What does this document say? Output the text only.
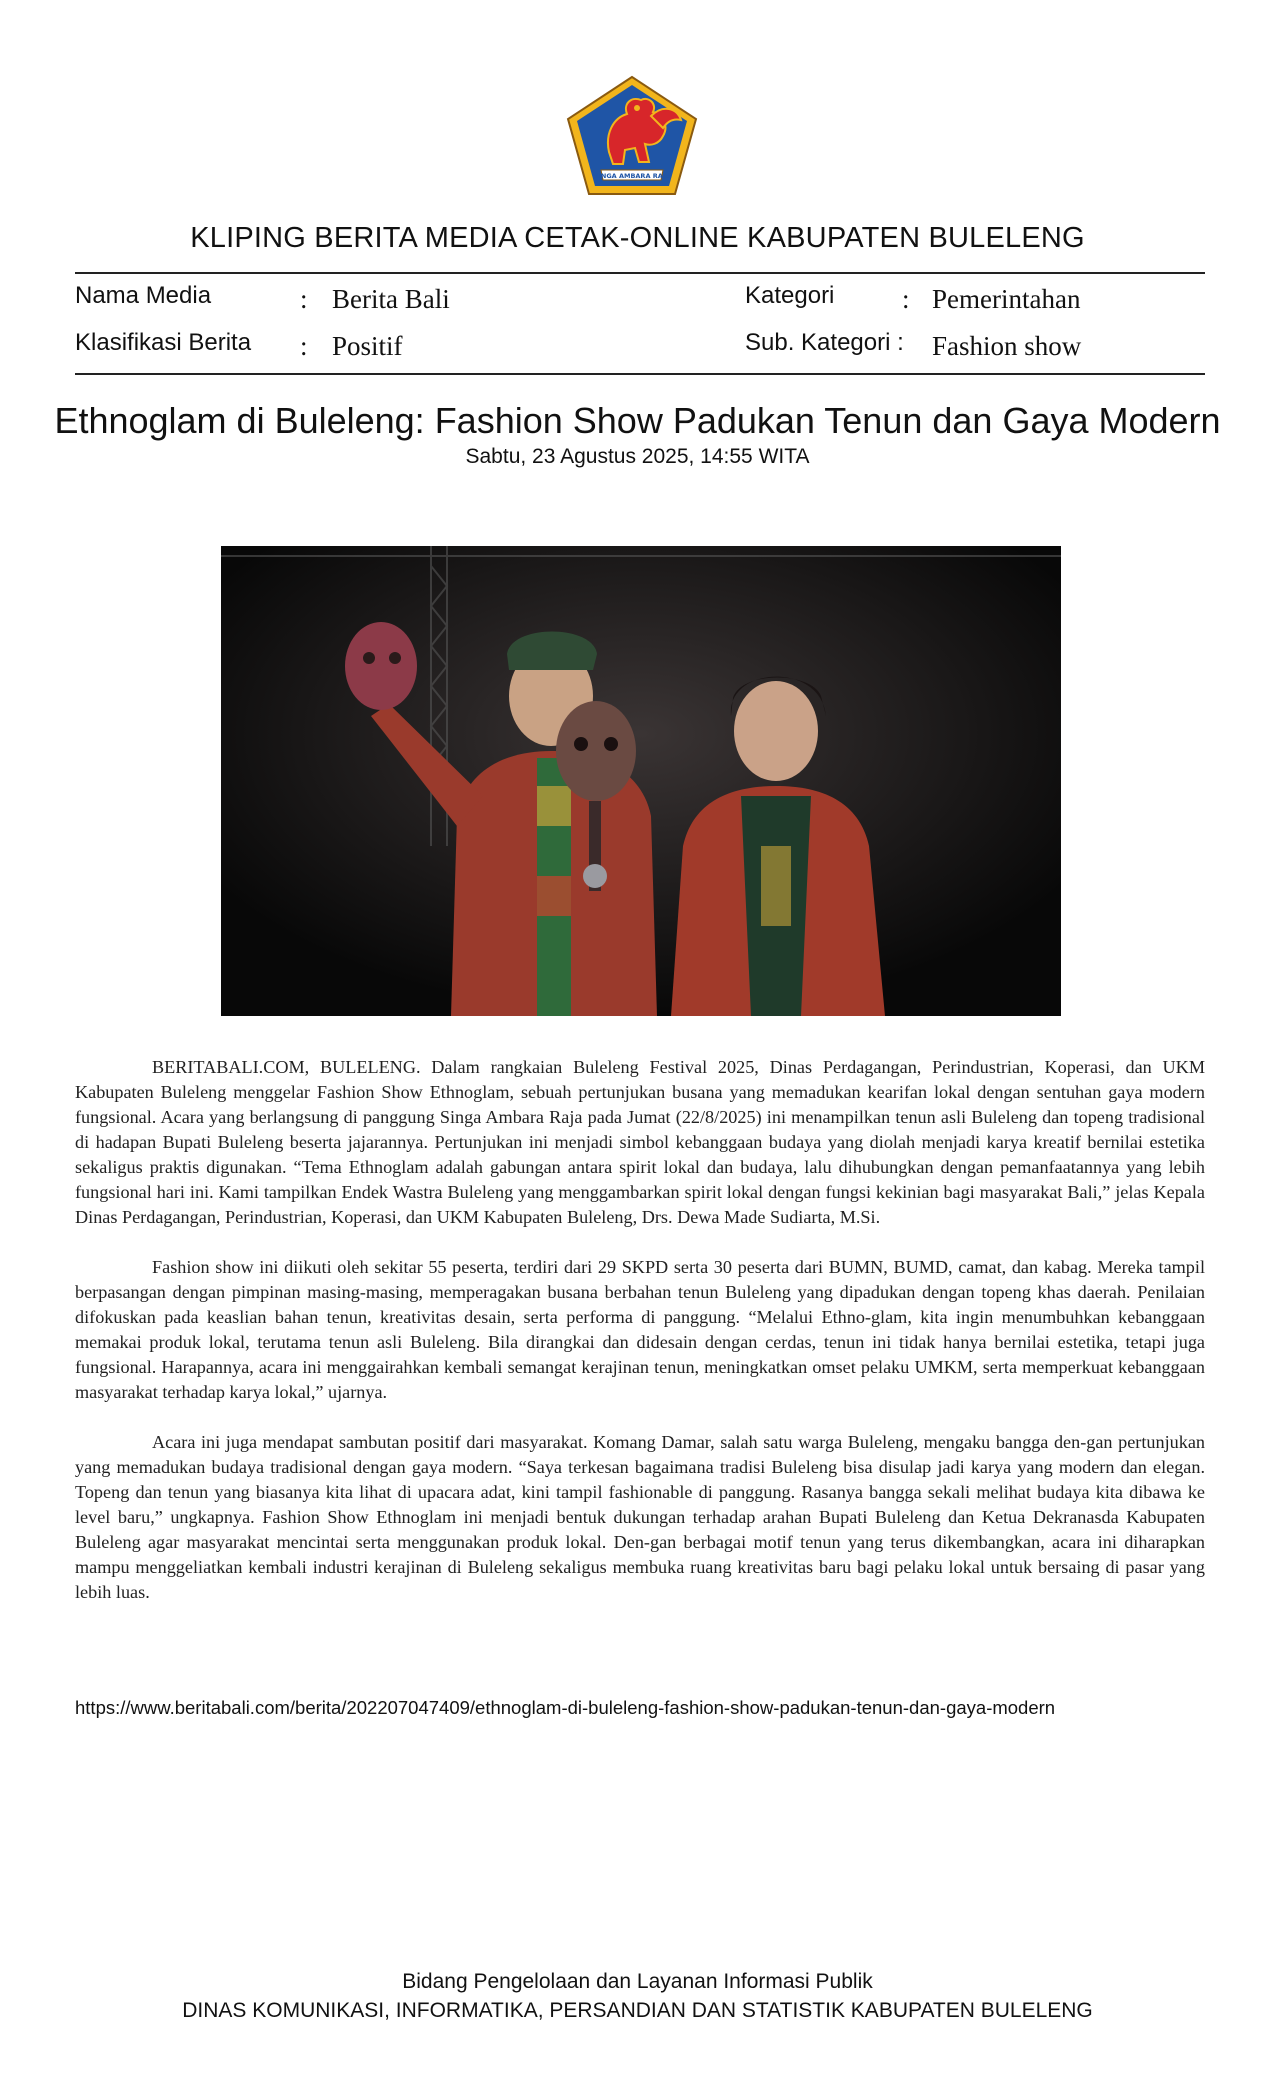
SINGA AMBARA RAJA
KLIPING BERITA MEDIA CETAK-ONLINE KABUPATEN BULELENG
Nama Media	: Berita Bali
Klasifikasi Berita : Positif
Kategori	: Pemerintahan
Sub. Kategori : Fashion show
Ethnoglam di Buleleng: Fashion Show Padukan Tenun dan Gaya Modern
Sabtu, 23 Agustus 2025, 14:55 WITA

BERITABALI.COM, BULELENG. Dalam rangkaian Buleleng Festival 2025, Dinas Perdagangan, Perindustrian, Koperasi, dan UKM Kabupaten Buleleng menggelar Fashion Show Ethnoglam, sebuah pertunjukan busana yang memadukan kearifan lokal dengan sentuhan gaya modern fungsional. Acara yang berlangsung di panggung Singa Ambara Raja pada Jumat (22/8/2025) ini menampilkan tenun asli Buleleng dan topeng tradisional di hadapan Bupati Buleleng beserta jajarannya. Pertunjukan ini menjadi simbol kebanggaan budaya yang diolah menjadi karya kreatif bernilai estetika sekaligus praktis digunakan. “Tema Ethnoglam adalah gabungan antara spirit lokal dan budaya, lalu dihubungkan dengan pemanfaatannya yang lebih fungsional hari ini. Kami tampilkan Endek Wastra Buleleng yang menggambarkan spirit lokal dengan fungsi kekinian bagi masyarakat Bali,” jelas Kepala Dinas Perdagangan, Perindustrian, Koperasi, dan UKM Kabupaten Buleleng, Drs. Dewa Made Sudiarta, M.Si.

Fashion show ini diikuti oleh sekitar 55 peserta, terdiri dari 29 SKPD serta 30 peserta dari BUMN, BUMD, camat, dan kabag. Mereka tampil berpasangan dengan pimpinan masing-masing, memperagakan busana berbahan tenun Buleleng yang dipadukan dengan topeng khas daerah. Penilaian difokuskan pada keaslian bahan tenun, kreativitas desain, serta performa di panggung. “Melalui Ethno-glam, kita ingin menumbuhkan kebanggaan memakai produk lokal, terutama tenun asli Buleleng. Bila dirangkai dan didesain dengan cerdas, tenun ini tidak hanya bernilai estetika, tetapi juga fungsional. Harapannya, acara ini menggairahkan kembali semangat kerajinan tenun, meningkatkan omset pelaku UMKM, serta memperkuat kebanggaan masyarakat terhadap karya lokal,” ujarnya.

Acara ini juga mendapat sambutan positif dari masyarakat. Komang Damar, salah satu warga Buleleng, mengaku bangga den-gan pertunjukan yang memadukan budaya tradisional dengan gaya modern. “Saya terkesan bagaimana tradisi Buleleng bisa disulap jadi karya yang modern dan elegan. Topeng dan tenun yang biasanya kita lihat di upacara adat, kini tampil fashionable di panggung. Rasanya bangga sekali melihat budaya kita dibawa ke level baru,” ungkapnya. Fashion Show Ethnoglam ini menjadi bentuk dukungan terhadap arahan Bupati Buleleng dan Ketua Dekranasda Kabupaten Buleleng agar masyarakat mencintai serta menggunakan produk lokal. Den-gan berbagai motif tenun yang terus dikembangkan, acara ini diharapkan mampu menggeliatkan kembali industri kerajinan di Buleleng sekaligus membuka ruang kreativitas baru bagi pelaku lokal untuk bersaing di pasar yang lebih luas.

https://www.beritabali.com/berita/202207047409/ethnoglam-di-buleleng-fashion-show-padukan-tenun-dan-gaya-modern
Bidang Pengelolaan dan Layanan Informasi Publik
DINAS KOMUNIKASI, INFORMATIKA, PERSANDIAN DAN STATISTIK KABUPATEN BULELENG
